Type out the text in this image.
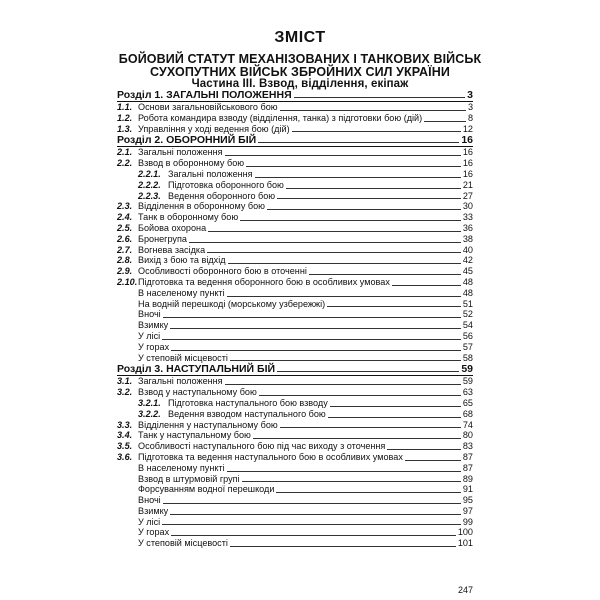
ЗМІСТ
БОЙОВИЙ СТАТУТ МЕХАНІЗОВАНИХ І ТАНКОВИХ ВІЙСЬК
СУХОПУТНИХ ВІЙСЬК ЗБРОЙНИХ СИЛ УКРАЇНИ
Частина ІІІ. Взвод, відділення, екіпаж
Розділ 1. ЗАГАЛЬНІ ПОЛОЖЕННЯ	3
1.1. Основи загальновійськового бою	3
1.2. Робота командира взводу (відділення, танка) з підготовки бою (дій)	8
1.3. Управління у ході ведення бою (дій)	12
Розділ 2. ОБОРОННИЙ БІЙ	16
2.1. Загальні положення	16
2.2. Взвод в оборонному бою	16
2.2.1. Загальні положення	16
2.2.2. Підготовка оборонного бою	21
2.2.3. Ведення оборонного бою	27
2.3. Відділення в оборонному бою	30
2.4. Танк в оборонному бою	33
2.5. Бойова охорона	36
2.6. Бронегрупа	38
2.7. Вогнева засідка	40
2.8. Вихід з бою та відхід	42
2.9. Особливості оборонного бою в оточенні	45
2.10. Підготовка та ведення оборонного бою в особливих умовах	48
В населеному пункті	48
На водній перешкоді (морському узбережжі)	51
Вночі	52
Взимку	54
У лісі	56
У горах	57
У степовій місцевості	58
Розділ 3. НАСТУПАЛЬНИЙ БІЙ	59
3.1. Загальні положення	59
3.2. Взвод у наступальному бою	63
3.2.1. Підготовка наступального бою взводу	65
3.2.2. Ведення взводом наступального бою	68
3.3. Відділення у наступальному бою	74
3.4. Танк у наступальному бою	80
3.5. Особливості наступального бою під час виходу з оточення	83
3.6. Підготовка та ведення наступального бою в особливих умовах	87
В населеному пункті	87
Взвод в штурмовій групі	89
Форсуванням водної перешкоди	91
Вночі	95
Взимку	97
У лісі	99
У горах	100
У степовій місцевості	101
247
